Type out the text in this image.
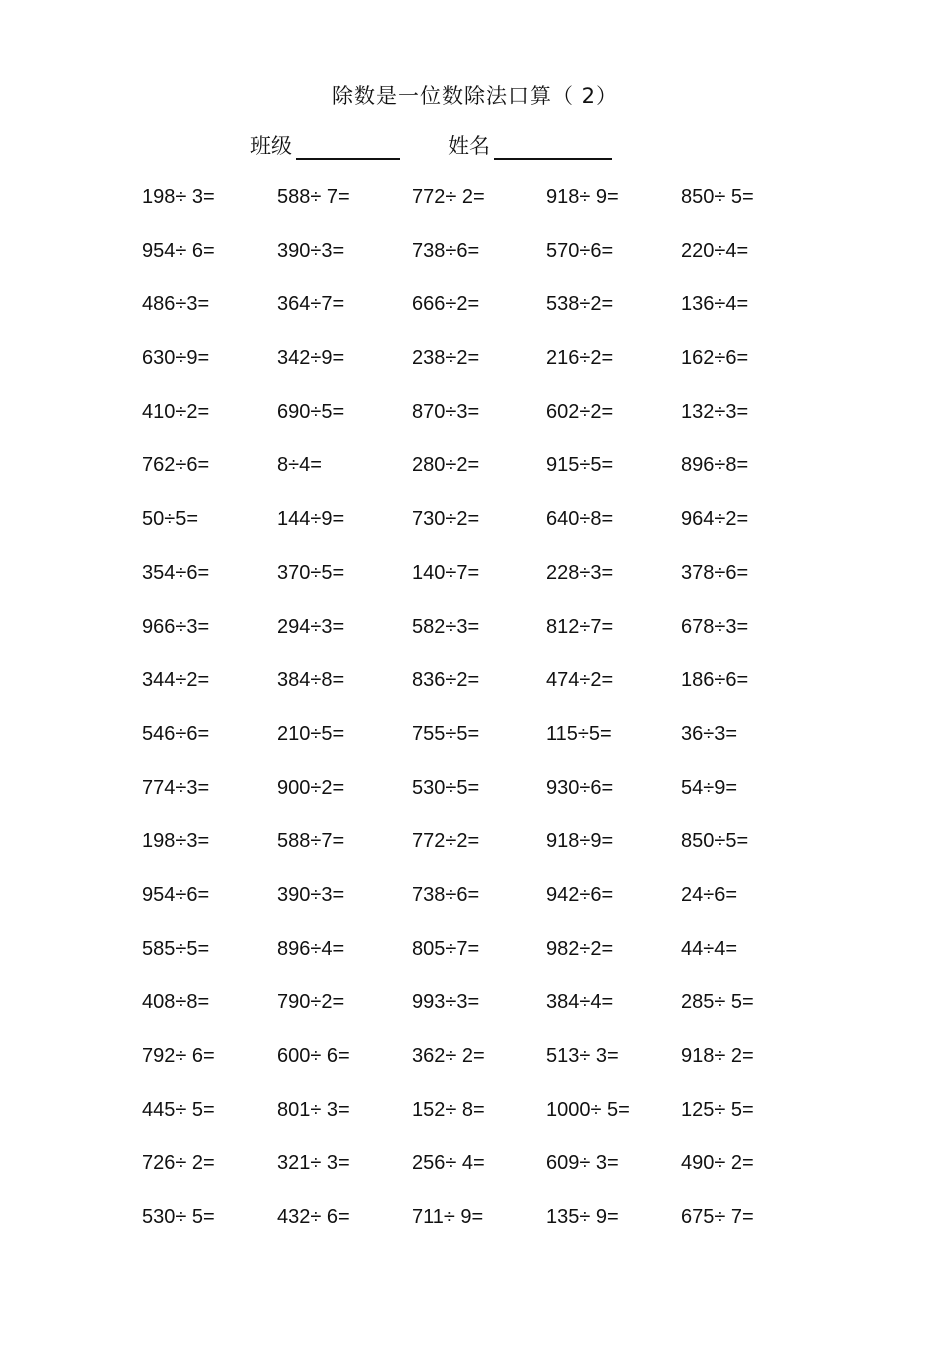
除数是一位数除法口算（ 2）
班级	姓名
198÷ 3=	588÷ 7=	772÷ 2=	918÷ 9=	850÷ 5=
954÷ 6=	390÷3=	738÷6=	570÷6=	220÷4=
486÷3=	364÷7=	666÷2=	538÷2=	136÷4=
630÷9=	342÷9=	238÷2=	216÷2=	162÷6=
410÷2=	690÷5=	870÷3=	602÷2=	132÷3=
762÷6=	8÷4=	280÷2=	915÷5=	896÷8=
50÷5=	144÷9=	730÷2=	640÷8=	964÷2=
354÷6=	370÷5=	140÷7=	228÷3=	378÷6=
966÷3=	294÷3=	582÷3=	812÷7=	678÷3=
344÷2=	384÷8=	836÷2=	474÷2=	186÷6=
546÷6=	210÷5=	755÷5=	115÷5=	36÷3=
774÷3=	900÷2=	530÷5=	930÷6=	54÷9=
198÷3=	588÷7=	772÷2=	918÷9=	850÷5=
954÷6=	390÷3=	738÷6=	942÷6=	24÷6=
585÷5=	896÷4=	805÷7=	982÷2=	44÷4=
408÷8=	790÷2=	993÷3=	384÷4=	285÷ 5=
792÷ 6=	600÷ 6=	362÷ 2=	513÷ 3=	918÷ 2=
445÷ 5=	801÷ 3=	152÷ 8=	1000÷ 5=	125÷ 5=
726÷ 2=	321÷ 3=	256÷ 4=	609÷ 3=	490÷ 2=
530÷ 5=	432÷ 6=	711÷ 9=	135÷ 9=	675÷ 7=
